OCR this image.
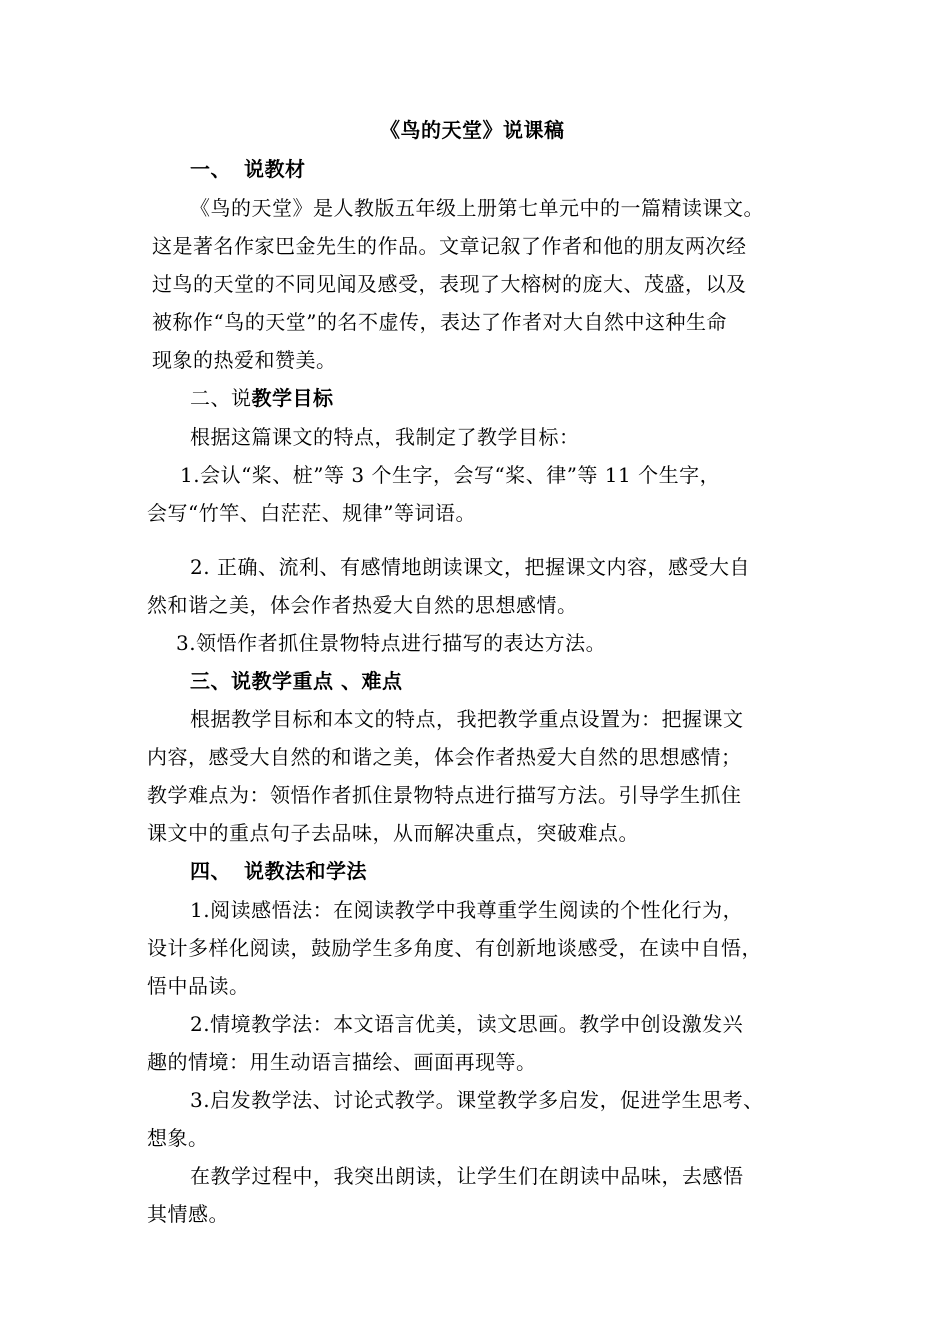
《鸟的天堂》说课稿
一、 说教材
《鸟的天堂》是人教版五年级上册第七单元中的一篇精读课文。
这是著名作家巴金先生的作品。文章记叙了作者和他的朋友两次经
过鸟的天堂的不同见闻及感受，表现了大榕树的庞大、茂盛，以及
被称作“鸟的天堂”的名不虚传，表达了作者对大自然中这种生命
现象的热爱和赞美。
二、说教学目标
根据这篇课文的特点，我制定了教学目标：
1.会认“桨、桩”等 3 个生字，会写“桨、律”等 11 个生字，
会写“竹竿、白茫茫、规律”等词语。
2. 正确、流利、有感情地朗读课文，把握课文内容，感受大自
然和谐之美，体会作者热爱大自然的思想感情。
3.领悟作者抓住景物特点进行描写的表达方法。
三、说教学重点 、难点
根据教学目标和本文的特点，我把教学重点设置为：把握课文
内容，感受大自然的和谐之美，体会作者热爱大自然的思想感情；
教学难点为：领悟作者抓住景物特点进行描写方法。引导学生抓住
课文中的重点句子去品味，从而解决重点，突破难点。
四、 说教法和学法
1.阅读感悟法：在阅读教学中我尊重学生阅读的个性化行为，
设计多样化阅读，鼓励学生多角度、有创新地谈感受，在读中自悟，
悟中品读。
2.情境教学法：本文语言优美，读文思画。教学中创设激发兴
趣的情境：用生动语言描绘、画面再现等。
3.启发教学法、讨论式教学。课堂教学多启发，促进学生思考、
想象。
在教学过程中，我突出朗读，让学生们在朗读中品味，去感悟
其情感。
